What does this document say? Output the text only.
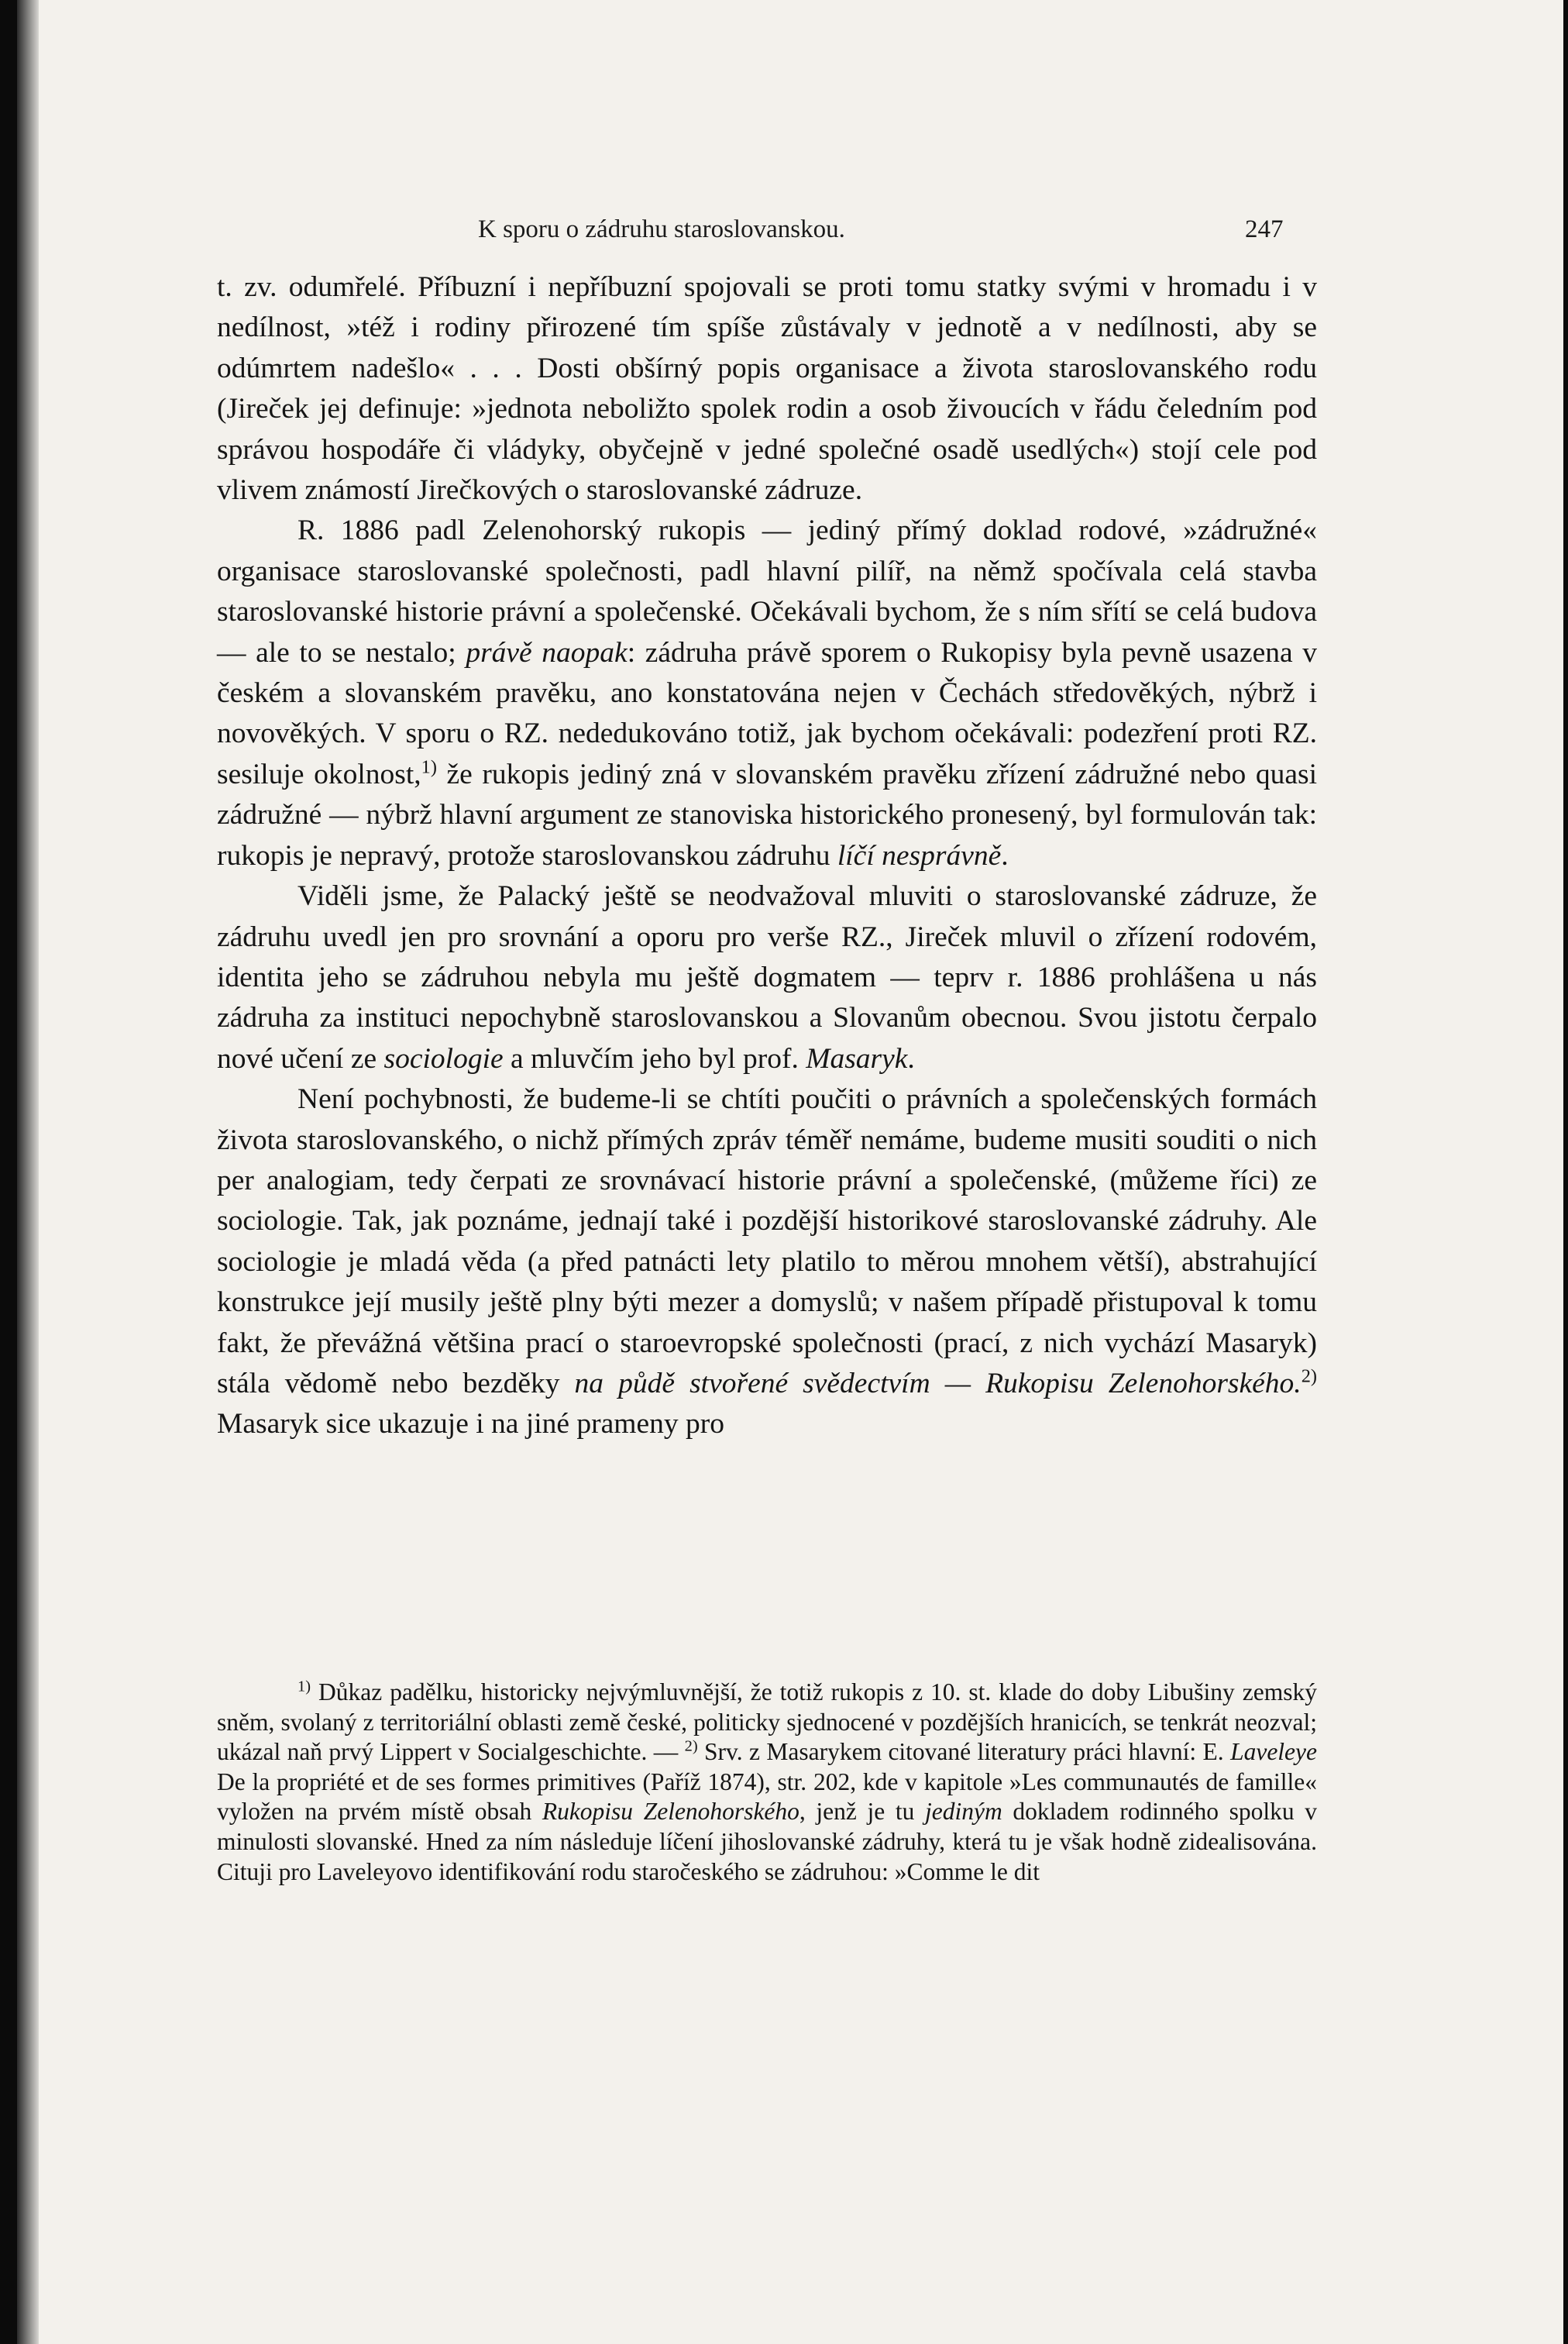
K sporu o zádruhu staroslovanskou.	247

t. zv. odumřelé. Příbuzní i nepříbuzní spojovali se proti tomu statky svými v hromadu i v nedílnost, »též i rodiny přirozené tím spíše zůstávaly v jednotě a v nedílnosti, aby se odúmrtem nadešlo« . . . Dosti obšírný popis organisace a života staroslovanského rodu (Jireček jej definuje: »jednota neboližto spolek rodin a osob živoucích v řádu čeledním pod správou hospodáře či vládyky, obyčejně v jedné společné osadě usedlých«) stojí cele pod vlivem známostí Jirečkových o staroslovanské zádruze.

R. 1886 padl Zelenohorský rukopis — jediný přímý doklad rodové, »zádružné« organisace staroslovanské společnosti, padl hlavní pilíř, na němž spočívala celá stavba staroslovanské historie právní a společenské. Očekávali bychom, že s ním sřítí se celá budova — ale to se nestalo; právě naopak: zádruha právě sporem o Rukopisy byla pevně usazena v českém a slovanském pravěku, ano konstatována nejen v Čechách středověkých, nýbrž i novověkých. V sporu o RZ. nededukováno totiž, jak bychom očekávali: podezření proti RZ. sesiluje okolnost,$^{1)}$ že rukopis jediný zná v slovanském pravěku zřízení zádružné nebo quasi zádružné — nýbrž hlavní argument ze stanoviska historického pronesený, byl formulován tak: rukopis je nepravý, protože staroslovanskou zádruhu líčí nesprávně.

Viděli jsme, že Palacký ještě se neodvažoval mluviti o staroslovanské zádruze, že zádruhu uvedl jen pro srovnání a oporu pro verše RZ., Jireček mluvil o zřízení rodovém, identita jeho se zádruhou nebyla mu ještě dogmatem — teprv r. 1886 prohlášena u nás zádruha za instituci nepochybně staroslovanskou a Slovanům obecnou. Svou jistotu čerpalo nové učení ze sociologie a mluvčím jeho byl prof. Masaryk.

Není pochybnosti, že budeme-li se chtíti poučiti o právních a společenských formách života staroslovanského, o nichž přímých zpráv téměř nemáme, budeme musiti souditi o nich per analogiam, tedy čerpati ze srovnávací historie právní a společenské, (můžeme říci) ze sociologie. Tak, jak poznáme, jednají také i pozdější historikové staroslovanské zádruhy. Ale sociologie je mladá věda (a před patnácti lety platilo to měrou mnohem větší), abstrahující konstrukce její musily ještě plny býti mezer a domyslů; v našem případě přistupoval k tomu fakt, že převážná většina prací o staroevropské společnosti (prací, z nich vychází Masaryk) stála vědomě nebo bezděky na půdě stvořené svědectvím — Rukopisu Zelenohorského.$^{2)}$ Masaryk sice ukazuje i na jiné prameny pro

$^{1)}$ Důkaz padělku, historicky nejvýmluvnější, že totiž rukopis z 10. st. klade do doby Libušiny zemský sněm, svolaný z territoriální oblasti země české, politicky sjednocené v pozdějších hranicích, se tenkrát neozval; ukázal naň prvý Lippert v Socialgeschichte. — $^{2)}$ Srv. z Masarykem citované literatury práci hlavní: E. Laveleye De la propriété et de ses formes primitives (Paříž 1874), str. 202, kde v kapitole »Les communautés de famille« vyložen na prvém místě obsah Rukopisu Zelenohorského, jenž je tu jediným dokladem rodinného spolku v minulosti slovanské. Hned za ním následuje líčení jihoslovanské zádruhy, která tu je však hodně zidealisována. Cituji pro Laveleyovo identifikování rodu staročeského se zádruhou: »Comme le dit
